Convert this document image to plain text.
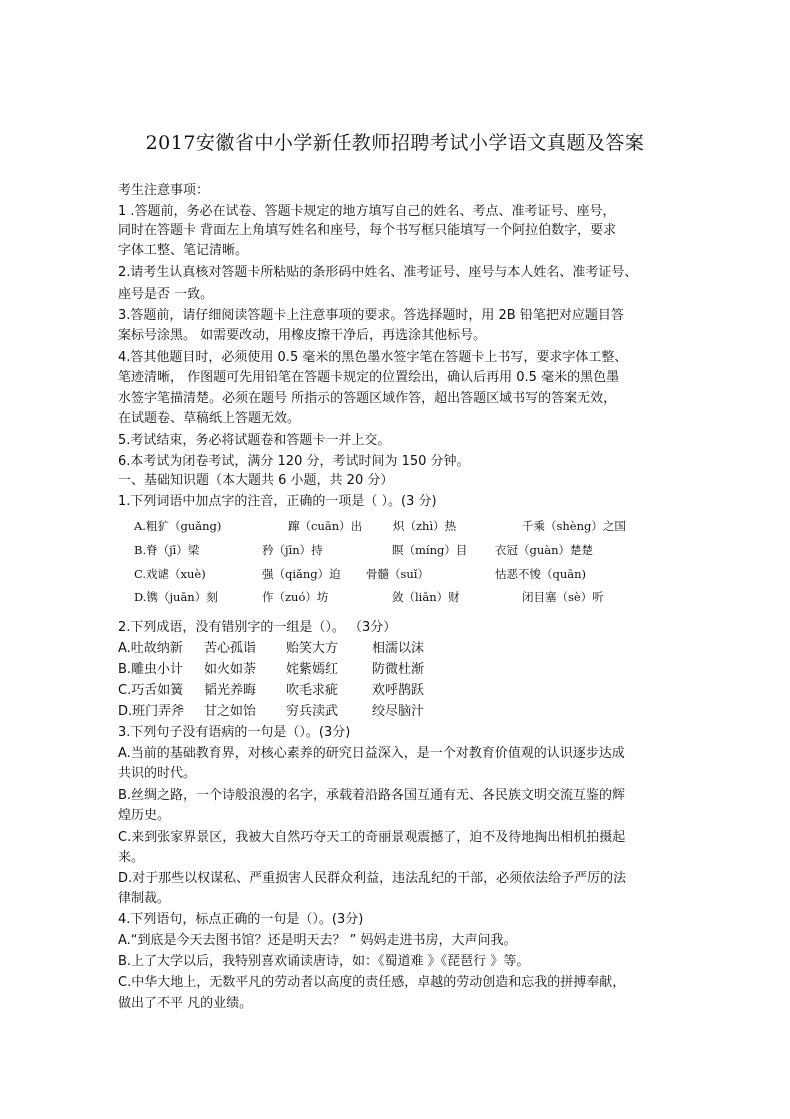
2017安徽省中小学新任教师招聘考试小学语文真题及答案
考生注意事项：
1 .答题前，务必在试卷、答题卡规定的地方填写自己的姓名、考点、准考证号、座号，
同时在答题卡 背面左上角填写姓名和座号，每个书写框只能填写一个阿拉伯数字，要求
字体工整、笔记清晰。
2.请考生认真核对答题卡所粘贴的条形码中姓名、准考证号、座号与本人姓名、准考证号、
座号是否 一致。
3.答题前，请仔细阅读答题卡上注意事项的要求。答选择题时，用 2B 铅笔把对应题目答
案标号涂黑。 如需要改动，用橡皮擦干净后，再选涂其他标号。
4.答其他题目时，必须使用 0.5 毫米的黑色墨水签字笔在答题卡上书写，要求字体工整、
笔迹清晰， 作图题可先用铅笔在答题卡规定的位置绘出，确认后再用 0.5 毫米的黑色墨
水签字笔描清楚。必须在题号 所指示的答题区域作答，超出答题区域书写的答案无效，
在试题卷、草稿纸上答题无效。
5.考试结束，务必将试题卷和答题卡一并上交。
6.本考试为闭卷考试，满分 120 分，考试时间为 150 分钟。
一、基础知识题（本大题共 6 小题，共 20 分）
1.下列词语中加点字的注音，正确的一项是（ ）。(3 分)
A.粗犷（guǎng)	蹿（cuān）出	炽（zhì）热	千乘（shèng）之国
B.脊（jī）梁	矜（jīn）持	瞑（míng）目 衣冠（guàn）楚楚
C.戏谑（xuè)	强（qiǎng）迫 骨髓（suǐ）	怙恶不悛（quān)
D.镌（juān）刻	作（zuó）坊	敛（liǎn）财	闭目塞（sè）听
2.下列成语，没有错别字的一组是（）。 （3分）
A.吐故纳新 苦心孤诣 贻笑大方	相濡以沫
B.雕虫小计 如火如荼 姹紫嫣红	防微杜渐
C.巧舌如簧 韬光养晦 吹毛求疵	欢呼鹊跃
D.班门弄斧 甘之如饴 穷兵渎武	绞尽脑汁
3.下列句子没有语病的一句是（）。(3分)
A.当前的基础教育界，对核心素养的研究日益深入，是一个对教育价值观的认识逐步达成
共识的时代。
B.丝绸之路，一个诗般浪漫的名字，承载着沿路各国互通有无、各民族文明交流互鉴的辉
煌历史。
C.来到张家界景区，我被大自然巧夺天工的奇丽景观震撼了，迫不及待地掏出相机拍摄起
来。
D.对于那些以权谋私、严重损害人民群众利益，违法乱纪的干部，必须依法给予严厉的法
律制裁。
4.下列语句，标点正确的一句是（）。(3分)
A.“到底是今天去图书馆？还是明天去？ ” 妈妈走进书房，大声问我。
B.上了大学以后，我特别喜欢诵读唐诗，如：《蜀道难 》《琵琶行 》等。
C.中华大地上，无数平凡的劳动者以高度的责任感，卓越的劳动创造和忘我的拼搏奉献，
做出了不平 凡的业绩。
